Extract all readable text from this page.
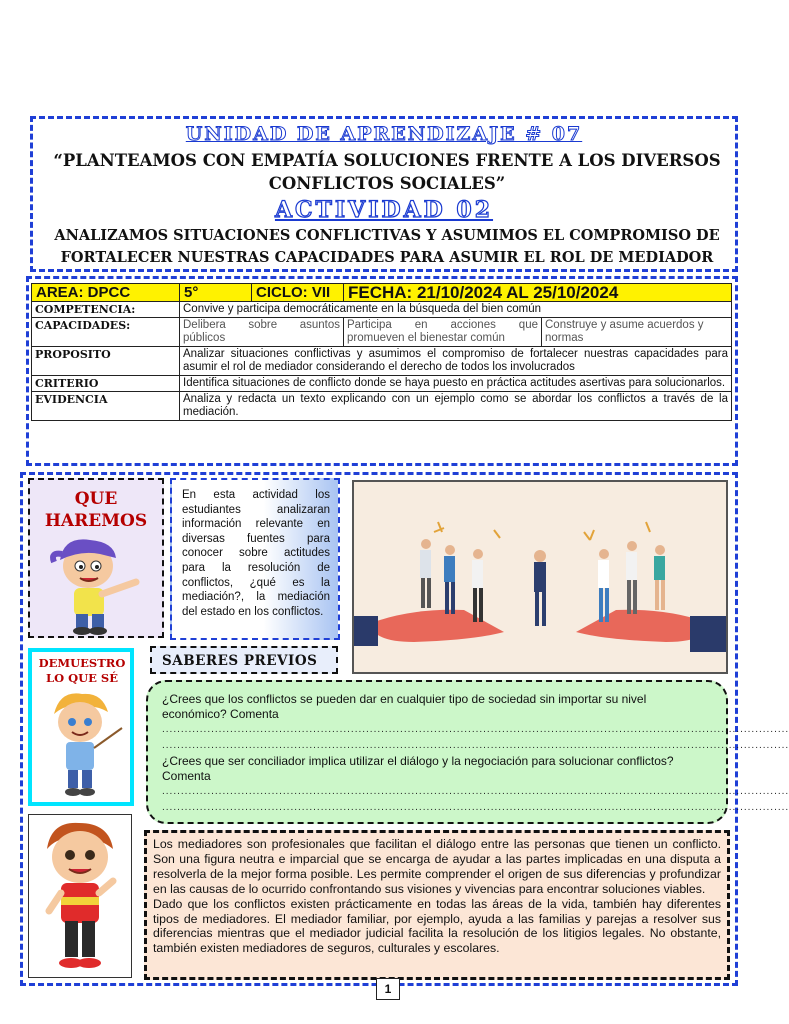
UNIDAD DE APRENDIZAJE # 07
“PLANTEAMOS CON EMPATÍA SOLUCIONES FRENTE A LOS DIVERSOS CONFLICTOS SOCIALES”
ACTIVIDAD 02
ANALIZAMOS SITUACIONES CONFLICTIVAS Y ASUMIMOS EL COMPROMISO DE FORTALECER NUESTRAS CAPACIDADES PARA ASUMIR EL ROL DE MEDIADOR
AREA: DPCC	5°	CICLO: VII	FECHA: 21/10/2024 AL 25/10/2024	
COMPETENCIA:	Convive y participa democráticamente en la búsqueda del bien común			
CAPACIDADES:	Delibera sobre asuntos públicos		Participa en acciones que promueven el bienestar común	Construye y asume acuerdos y normas
PROPOSITO	Analizar situaciones conflictivas y asumimos el compromiso de fortalecer nuestras capacidades para asumir el rol de mediador considerando el derecho de todos los involucrados			
CRITERIO	Identifica situaciones de conflicto donde se haya puesto en práctica actitudes asertivas para solucionarlos.			
EVIDENCIA	Analiza y redacta un texto explicando con un ejemplo como se abordar los conflictos a través de la mediación.			
QUE HAREMOS
En esta actividad los estudiantes analizaran información relevante en diversas fuentes para conocer sobre actitudes para la resolución de conflictos, ¿qué es la mediación?, la mediación del estado en los conflictos.
DEMUESTRO LO QUE SÉ
SABERES PREVIOS
¿Crees que los conflictos se pueden dar en cualquier tipo de sociedad sin importar su nivel económico? Comenta
......................................................................................................................................................................
......................................................................................................................................................................
¿Crees que ser conciliador implica utilizar el diálogo y la negociación para solucionar conflictos? Comenta
......................................................................................................................................................................
......................................................................................................................................................................
Los mediadores son profesionales que facilitan el diálogo entre las personas que tienen un conflicto. Son una figura neutra e imparcial que se encarga de ayudar a las partes implicadas en una disputa a resolverla de la mejor forma posible. Les permite comprender el origen de sus diferencias y profundizar en las causas de lo ocurrido confrontando sus visiones y vivencias para encontrar soluciones viables.
Dado que los conflictos existen prácticamente en todas las áreas de la vida, también hay diferentes tipos de mediadores. El mediador familiar, por ejemplo, ayuda a las familias y parejas a resolver sus diferencias mientras que el mediador judicial facilita la resolución de los litigios legales. No obstante, también existen mediadores de seguros, culturales y escolares.
1
